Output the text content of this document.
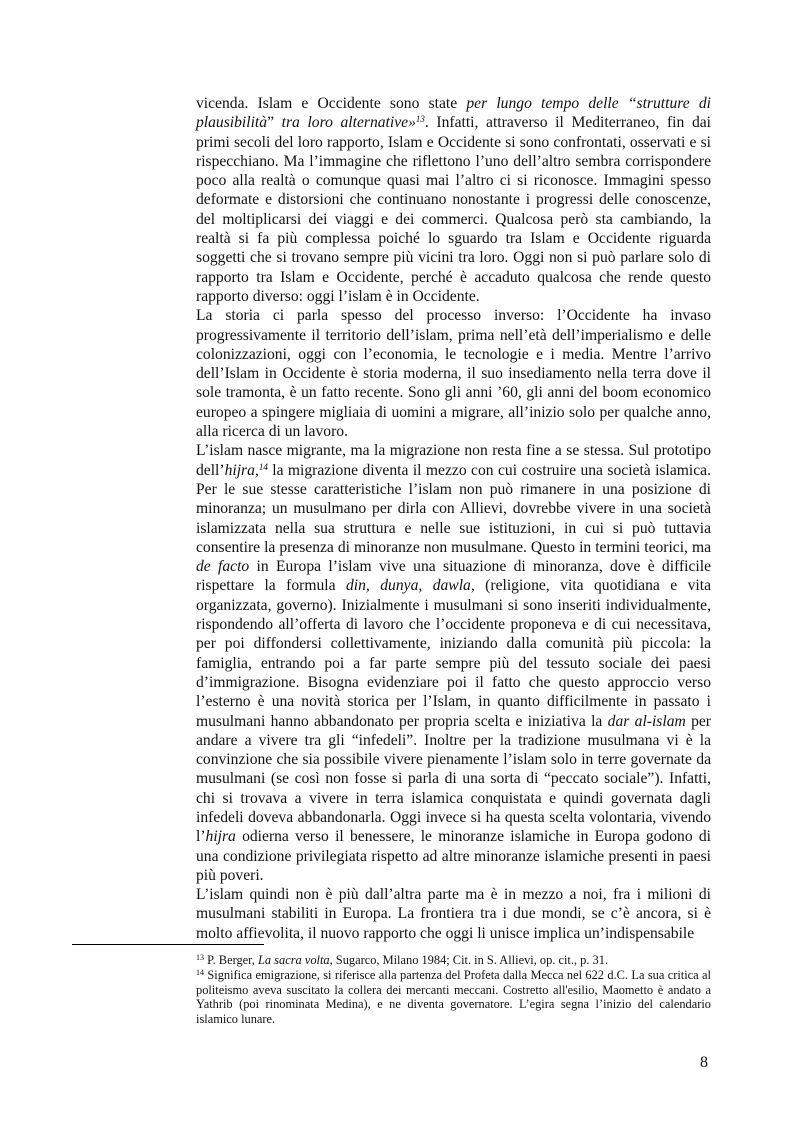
vicenda. Islam e Occidente sono state per lungo tempo delle “strutture di plausibilità” tra loro alternative»$^{13}$. Infatti, attraverso il Mediterraneo, fin dai primi secoli del loro rapporto, Islam e Occidente si sono confrontati, osservati e si rispecchiano. Ma l’immagine che riflettono l’uno dell’altro sembra corrispondere poco alla realtà o comunque quasi mai l’altro ci si riconosce. Immagini spesso deformate e distorsioni che continuano nonostante i progressi delle conoscenze, del moltiplicarsi dei viaggi e dei commerci. Qualcosa però sta cambiando, la realtà si fa più complessa poiché lo sguardo tra Islam e Occidente riguarda soggetti che si trovano sempre più vicini tra loro. Oggi non si può parlare solo di rapporto tra Islam e Occidente, perché è accaduto qualcosa che rende questo rapporto diverso: oggi l’islam è in Occidente.

La storia ci parla spesso del processo inverso: l’Occidente ha invaso progressivamente il territorio dell’islam, prima nell’età dell’imperialismo e delle colonizzazioni, oggi con l’economia, le tecnologie e i media. Mentre l’arrivo dell’Islam in Occidente è storia moderna, il suo insediamento nella terra dove il sole tramonta, è un fatto recente. Sono gli anni ’60, gli anni del boom economico europeo a spingere migliaia di uomini a migrare, all’inizio solo per qualche anno, alla ricerca di un lavoro.

L’islam nasce migrante, ma la migrazione non resta fine a se stessa. Sul prototipo dell’hijra,$^{14}$ la migrazione diventa il mezzo con cui costruire una società islamica. Per le sue stesse caratteristiche l’islam non può rimanere in una posizione di minoranza; un musulmano per dirla con Allievi, dovrebbe vivere in una società islamizzata nella sua struttura e nelle sue istituzioni, in cui si può tuttavia consentire la presenza di minoranze non musulmane. Questo in termini teorici, ma de facto in Europa l’islam vive una situazione di minoranza, dove è difficile rispettare la formula din, dunya, dawla, (religione, vita quotidiana e vita organizzata, governo). Inizialmente i musulmani si sono inseriti individualmente, rispondendo all’offerta di lavoro che l’occidente proponeva e di cui necessitava, per poi diffondersi collettivamente, iniziando dalla comunità più piccola: la famiglia, entrando poi a far parte sempre più del tessuto sociale dei paesi d’immigrazione. Bisogna evidenziare poi il fatto che questo approccio verso l’esterno è una novità storica per l’Islam, in quanto difficilmente in passato i musulmani hanno abbandonato per propria scelta e iniziativa la dar al-islam per andare a vivere tra gli “infedeli”. Inoltre per la tradizione musulmana vi è la convinzione che sia possibile vivere pienamente l’islam solo in terre governate da musulmani (se così non fosse si parla di una sorta di “peccato sociale”). Infatti, chi si trovava a vivere in terra islamica conquistata e quindi governata dagli infedeli doveva abbandonarla. Oggi invece si ha questa scelta volontaria, vivendo l’hijra odierna verso il benessere, le minoranze islamiche in Europa godono di una condizione privilegiata rispetto ad altre minoranze islamiche presenti in paesi più poveri.

L’islam quindi non è più dall’altra parte ma è in mezzo a noi, fra i milioni di musulmani stabiliti in Europa. La frontiera tra i due mondi, se c’è ancora, si è molto affievolita, il nuovo rapporto che oggi li unisce implica un’indispensabile

$^{13}$ P. Berger, La sacra volta, Sugarco, Milano 1984; Cit. in S. Allievi, op. cit., p. 31.

$^{14}$ Significa emigrazione, si riferisce alla partenza del Profeta dalla Mecca nel 622 d.C. La sua critica al politeismo aveva suscitato la collera dei mercanti meccani. Costretto all'esilio, Maometto è andato a Yathrib (poi rinominata Medina), e ne diventa governatore. L’egira segna l’inizio del calendario islamico lunare.

8
